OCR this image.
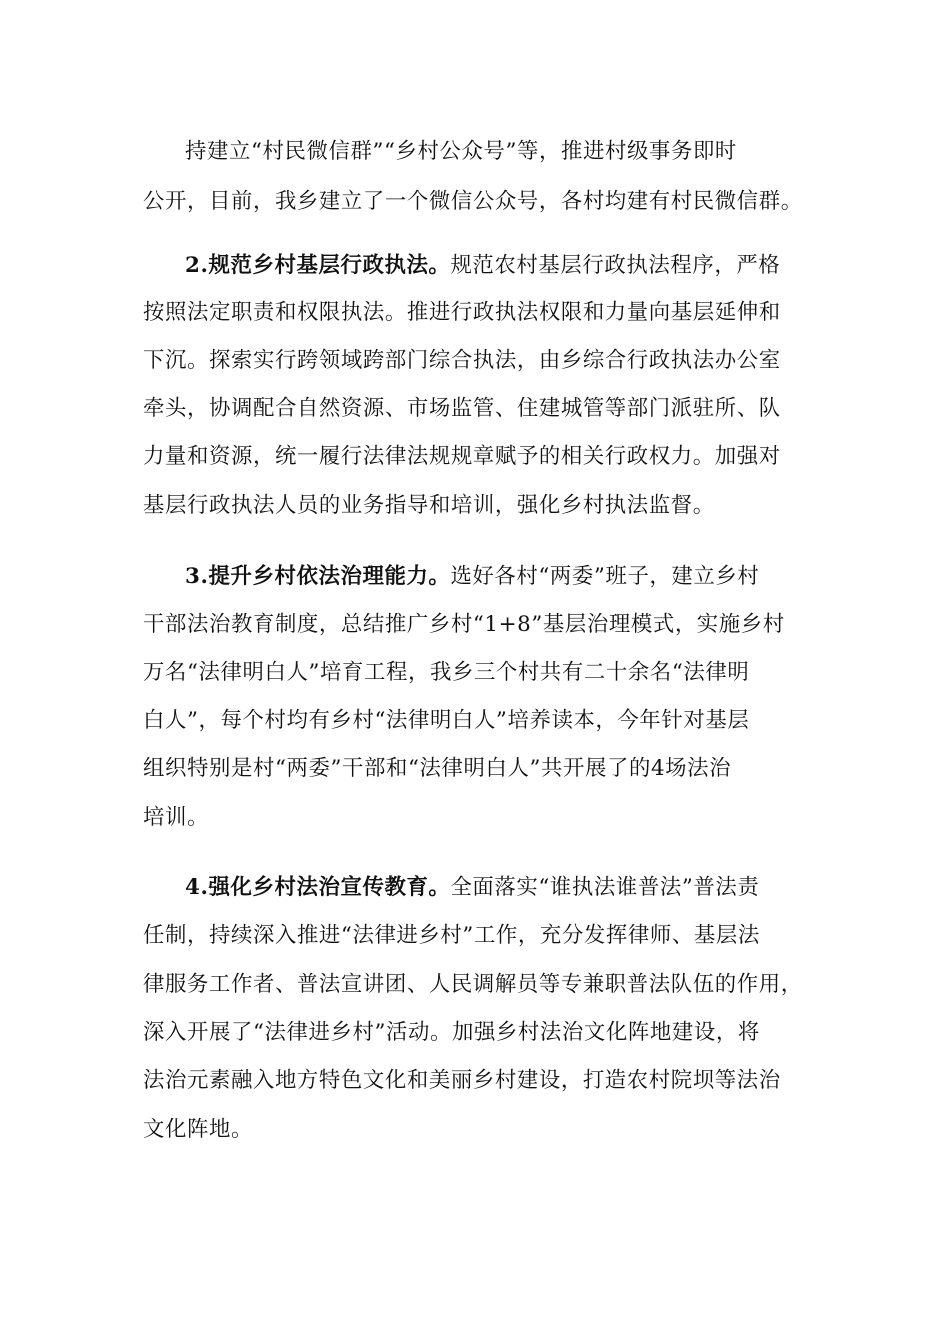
持建立“村民微信群”“乡村公众号”等，推进村级事务即时
公开，目前，我乡建立了一个微信公众号，各村均建有村民微信群。
2.规范乡村基层行政执法。规范农村基层行政执法程序，严格
按照法定职责和权限执法。推进行政执法权限和力量向基层延伸和
下沉。探索实行跨领域跨部门综合执法，由乡综合行政执法办公室
牵头，协调配合自然资源、市场监管、住建城管等部门派驻所、队
力量和资源，统一履行法律法规规章赋予的相关行政权力。加强对
基层行政执法人员的业务指导和培训，强化乡村执法监督。
3.提升乡村依法治理能力。选好各村“两委”班子，建立乡村
干部法治教育制度，总结推广乡村“1+8”基层治理模式，实施乡村
万名“法律明白人”培育工程，我乡三个村共有二十余名“法律明
白人”，每个村均有乡村“法律明白人”培养读本，今年针对基层
组织特别是村“两委”干部和“法律明白人”共开展了的4场法治
培训。
4.强化乡村法治宣传教育。全面落实“谁执法谁普法”普法责
任制，持续深入推进“法律进乡村”工作，充分发挥律师、基层法
律服务工作者、普法宣讲团、人民调解员等专兼职普法队伍的作用，
深入开展了“法律进乡村”活动。加强乡村法治文化阵地建设，将
法治元素融入地方特色文化和美丽乡村建设，打造农村院坝等法治
文化阵地。
